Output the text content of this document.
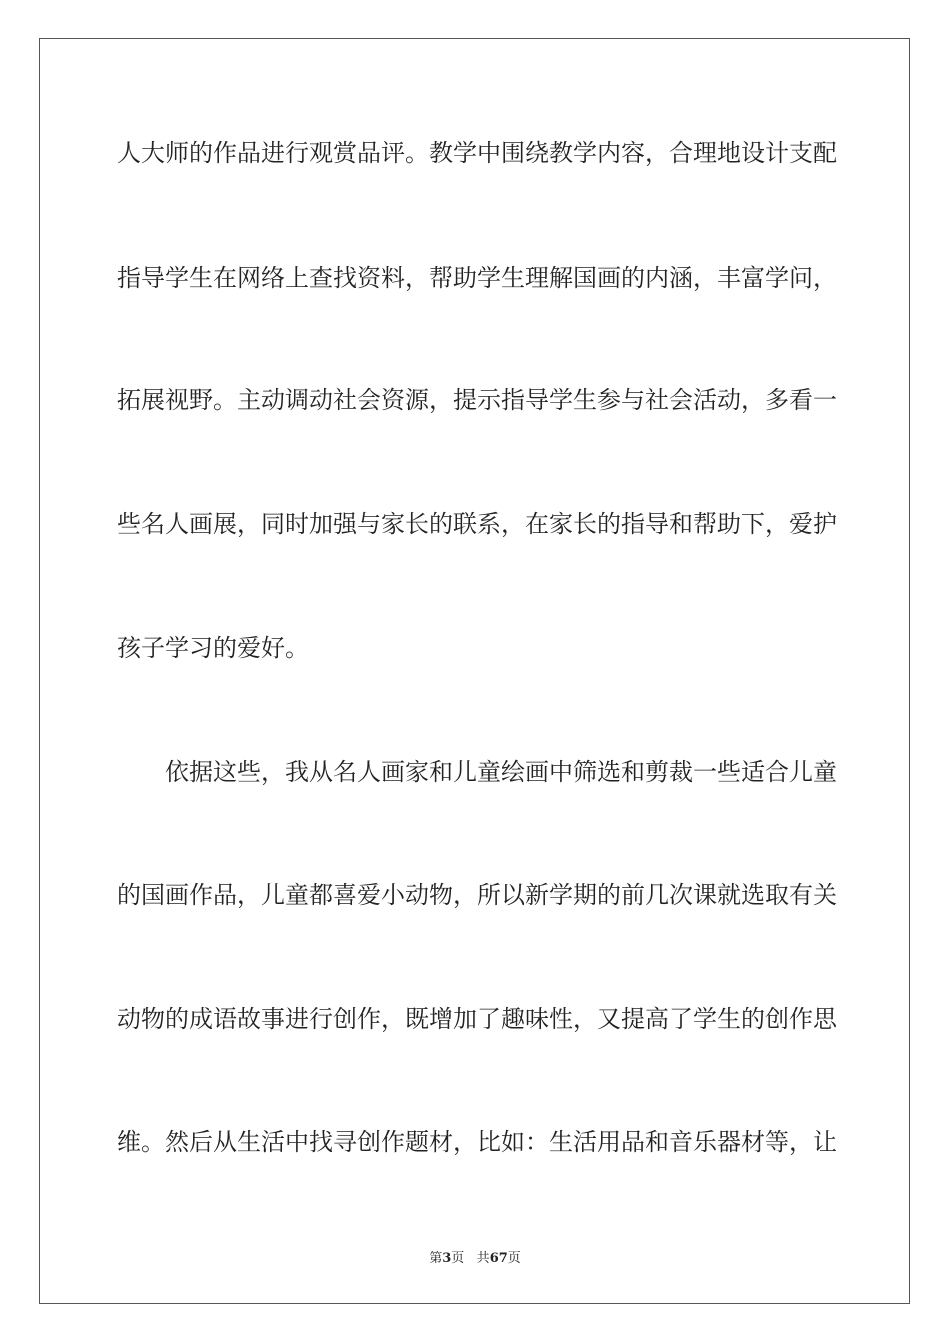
人大师的作品进行观赏品评。教学中围绕教学内容，合理地设计支配
指导学生在网络上查找资料，帮助学生理解国画的内涵，丰富学问，
拓展视野。主动调动社会资源，提示指导学生参与社会活动，多看一
些名人画展，同时加强与家长的联系，在家长的指导和帮助下，爱护
孩子学习的爱好。
依据这些，我从名人画家和儿童绘画中筛选和剪裁一些适合儿童
的国画作品，儿童都喜爱小动物，所以新学期的前几次课就选取有关
动物的成语故事进行创作，既增加了趣味性，又提高了学生的创作思
维。然后从生活中找寻创作题材，比如：生活用品和音乐器材等，让
第3页 共67页
